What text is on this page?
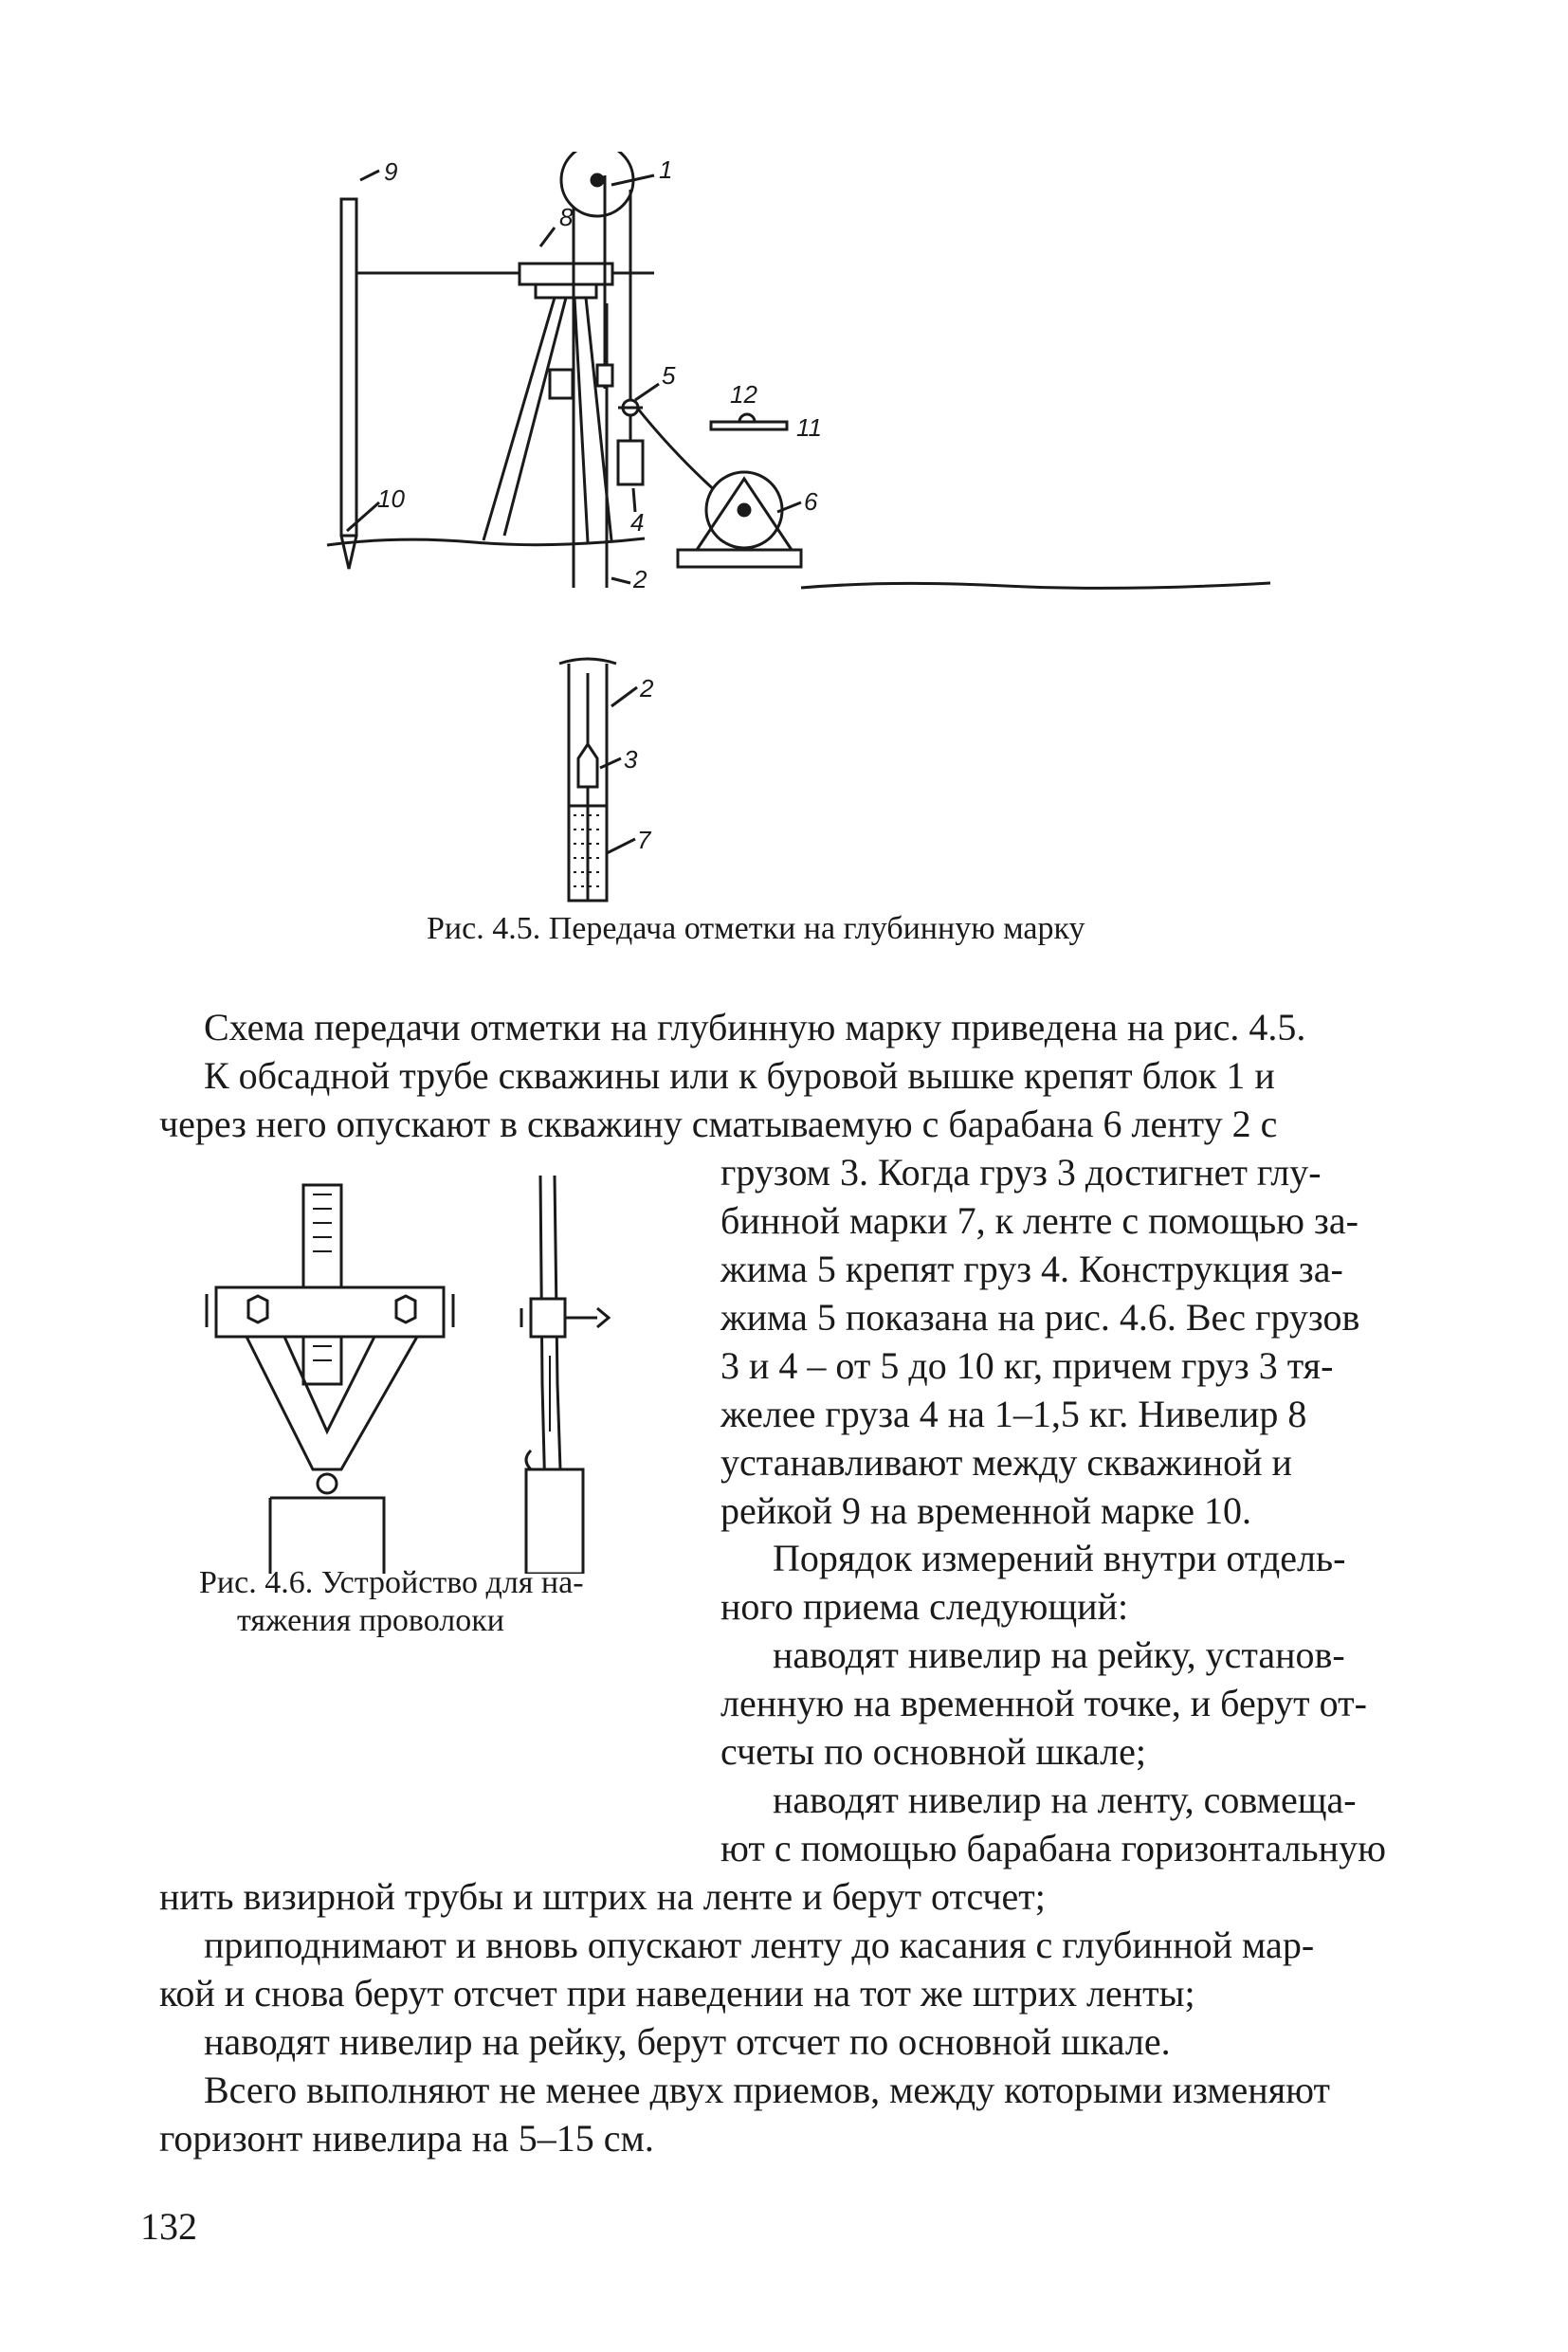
9
8
10
1
5
4
12
11
6
2
2
3
7
Рис. 4.5. Передача отметки на глубинную марку
Рис. 4.6. Устройство для на-
тяжения проволоки
Схема передачи отметки на глубинную марку приведена на рис. 4.5.
К обсадной трубе скважины или к буровой вышке крепят блок 1 и
через него опускают в скважину сматываемую с барабана 6 ленту 2 с
грузом 3. Когда груз 3 достигнет глу-
бинной марки 7, к ленте с помощью за-
жима 5 крепят груз 4. Конструкция за-
жима 5 показана на рис. 4.6. Вес грузов
3 и 4 – от 5 до 10 кг, причем груз 3 тя-
желее груза 4 на 1–1,5 кг. Нивелир 8
устанавливают между скважиной и
рейкой 9 на временной марке 10.
Порядок измерений внутри отдель-
ного приема следующий:
наводят нивелир на рейку, установ-
ленную на временной точке, и берут от-
счеты по основной шкале;
наводят нивелир на ленту, совмеща-
ют с помощью барабана горизонтальную
нить визирной трубы и штрих на ленте и берут отсчет;
приподнимают и вновь опускают ленту до касания с глубинной мар-
кой и снова берут отсчет при наведении на тот же штрих ленты;
наводят нивелир на рейку, берут отсчет по основной шкале.
Всего выполняют не менее двух приемов, между которыми изменяют
горизонт нивелира на 5–15 см.
132
